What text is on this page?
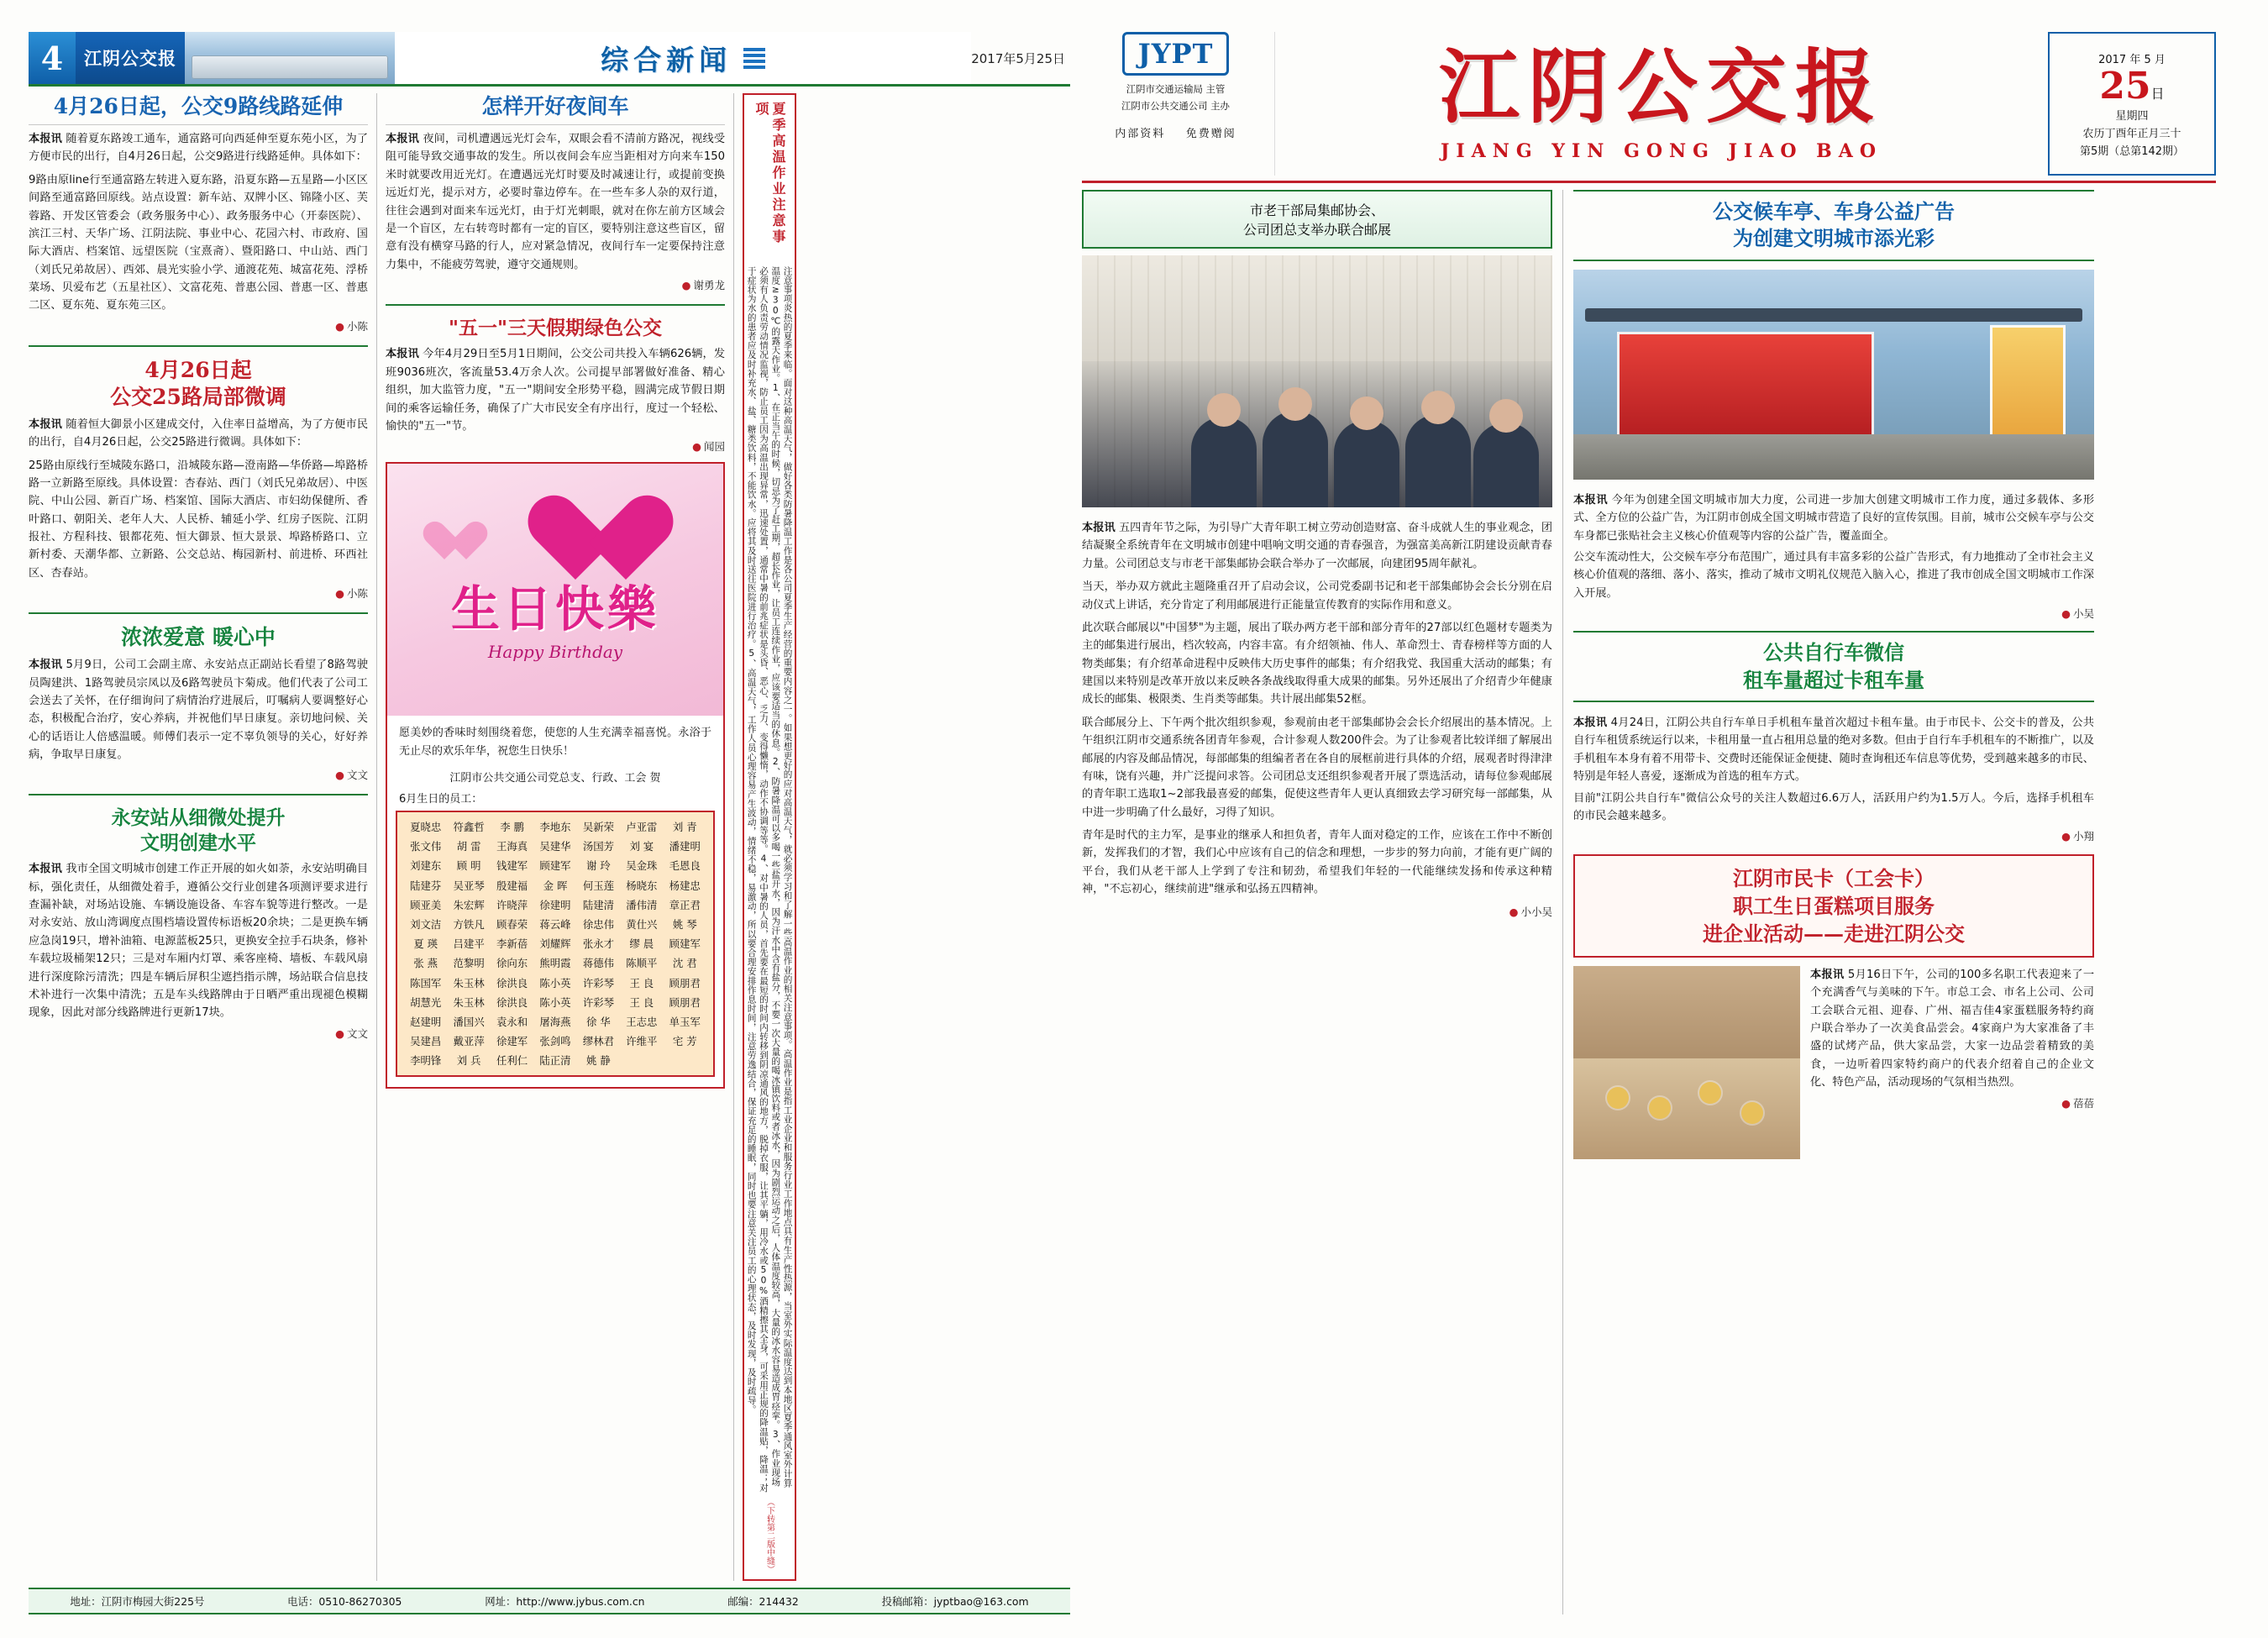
4	江阴公交报	综合新闻	2017年5月25日
4月26日起，公交9路线路延伸
本报讯 随着夏东路竣工通车，通富路可向西延伸至夏东苑小区，为了方便市民的出行，自4月26日起，公交9路进行线路延伸。具体如下：
9路由原line行至通富路左转进入夏东路，沿夏东路—五星路—小区区间路至通富路回原线。站点设置：新车站、双牌小区、锦隆小区、芙蓉路、开发区管委会（政务服务中心）、政务服务中心（开泰医院）、滨江三村、天华广场、江阴法院、事业中心、花园六村、市政府、国际大酒店、档案馆、远望医院（宝熹斋）、暨阳路口、中山站、西门（刘氏兄弟故居）、西郊、晨光实验小学、通渡花苑、城富花苑、浮桥菜场、贝爱布艺（五星社区）、文富花苑、普惠公园、普惠一区、普惠二区、夏东苑、夏东苑三区。
● 小陈
4月26日起
公交25路局部微调
本报讯 随着恒大御景小区建成交付，入住率日益增高，为了方便市民的出行，自4月26日起，公交25路进行微调。具体如下：
25路由原线行至城陵东路口，沿城陵东路—澄南路—华侨路—埠路桥路一立新路至原线。具体设置：杏春站、西门（刘氏兄弟故居）、中医院、中山公园、新百广场、档案馆、国际大酒店、市妇幼保健所、香叶路口、朝阳关、老年人大、人民桥、辅延小学、红房子医院、江阴报社、方程科技、银都花苑、恒大御景、恒大景景、埠路桥路口、立新村委、天潮华都、立新路、公交总站、梅园新村、前进桥、环西社区、杏春站。
● 小陈
浓浓爱意 暖心中
本报讯 5月9日，公司工会副主席、永安站点正副站长看望了8路驾驶员陶建洪、1路驾驶员宗凤以及6路驾驶员卞菊成。他们代表了公司工会送去了关怀，在仔细询问了病情治疗进展后，叮嘱病人要调整好心态，积极配合治疗，安心养病，并祝他们早日康复。亲切地问候、关心的话语让人倍感温暖。师傅们表示一定不辜负领导的关心，好好养病，争取早日康复。
● 文文
永安站从细微处提升
文明创建水平
本报讯 我市全国文明城市创建工作正开展的如火如荼，永安站明确目标，强化责任，从细微处着手，遵循公交行业创建各项测评要求进行查漏补缺，对场站设施、车辆设施设备、车容车貌等进行整改。一是对永安站、放山湾调度点围档墙设置传标语板20余块；二是更换车辆应急岗19只，增补油箱、电源蓝板25只，更换安全拉手石块条，修补车载垃圾桶架12只；三是对车厢内灯罩、乘客座椅、墙板、车载风扇进行深度除污清洗；四是车辆后屏积尘遮挡指示牌，场站联合信息技术补进行一次集中清洗；五是车头线路牌由于日晒严重出现褪色模糊现象，因此对部分线路牌进行更新17块。
● 文文
怎样开好夜间车
本报讯 夜间，司机遭遇远光灯会车，双眼会看不清前方路况，视线受阻可能导致交通事故的发生。所以夜间会车应当距相对方向来车150米时就要改用近光灯。在遭遇远光灯时要及时减速让行，或提前变换远近灯光，提示对方，必要时靠边停车。在一些车多人杂的双行道，往往会遇到对面来车远光灯，由于灯光刺眼，就对在你左前方区域会是一个盲区，左右转弯时都有一定的盲区，要特别注意这些盲区，留意有没有横穿马路的行人，应对紧急情况，夜间行车一定要保持注意力集中，不能疲劳驾驶，遵守交通规则。
● 谢勇龙
"五一"三天假期绿色公交
本报讯 今年4月29日至5月1日期间，公交公司共投入车辆626辆，发班9036班次，客流量53.4万余人次。公司提早部署做好准备、精心组织，加大监管力度，"五一"期间安全形势平稳，圆满完成节假日期间的乘客运输任务，确保了广大市民安全有序出行，度过一个轻松、愉快的"五一"节。
● 闻园
生日快樂
Happy Birthday
愿美妙的香味时刻围绕着您，使您的人生充满幸福喜悦。永浴于无止尽的欢乐年华，祝您生日快乐！
江阴市公共交通公司党总支、行政、工会 贺
6月生日的员工：
夏晓忠	符鑫哲	李 鹏	李地东	吴新荣	卢亚雷	刘 青
张文伟	胡 雷	王海真	吴建华	汤国芳	刘 宴	潘建明
刘建东	顾 明	钱建军	顾建军	谢 玲	吴金珠	毛恩良
陆建芬	吴亚琴	殷建福	金 晖	何玉莲	杨晓东	杨建忠
顾亚美	朱宏辉	许晓萍	徐建明	陆建清	潘伟清	章正君
刘文洁	方铁凡	顾春荣	蒋云峰	徐忠伟	黄仕兴	姚 琴
夏 瑛	吕建平	李新蓓	刘耀辉	张永才	缪 晨	顾建军
张 燕	范黎明	徐向东	熊明霞	蒋德伟	陈顺平	沈 君
陈国军	朱玉林	徐洪良	陈小英	许彩琴	王 良	顾朋君
胡慧光	朱玉林	徐洪良	陈小英	许彩琴	王 良	顾朋君
赵建明	潘国兴	袁永和	屠海燕	徐 华	王志忠	单玉军
吴建昌	戴亚萍	徐建军	张剑鸣	缪林君	许维平	宅 芳
李明锋	刘 兵	任利仁	陆正清	姚 静		
夏季高温作业注意事项
注意事项炎热的夏季来临。面对这种高温天气，做好各类防暑降温工作是各公司夏季生产经营的重要内容之一。如果想更好的应对高温天气，就必须学习和了解一些高温作业的相关注意事项。高温作业是指工业企业和服务行业工作地点具有生产性热源，当室外实际温度达到本地区夏季通风室外计算温度≥30℃的露天作业。1、在正当午的时候，切忌为了赶工期，超长作业，让员工连续作业，应该要适当的休息。2、防暑降温可以多喝一些盐开水，因为汗水中含有盐分，不要一次大量的喝冰镇饮料或者冰水，因为剧烈运动之后，人体温度较高，大量的冰水容易造成胃痉挛。3、作业现场必须有人负责劳动情况监视，防止员工因为高温出现异常，迅速处置，通常中暑的前兆症状是头昏、恶心、乏力、变得懒惰，动作不协调等等。4、对中暑的人员，首先要在最短的时间内转移到阴凉通风的地方，脱掉衣服，让其平躺，用冷水或50%酒精擦其全身，可采用正规的降温贴，降温；对于症状为水的患者应及时补充水、盐、糖类饮料，不能饮水。应将其及时送往医院进行治疗。5、高温天气，工作人员心理容易产生波动，情绪不稳，易激动，所以要合理安排作息时间，注意劳逸结合，保证充足的睡眠，同时也要注意关注员工的心理状态，及时发现，及时疏导。
（下转第二版中缝）
地址：江阴市梅园大街225号	电话：0510-86270305	网址：http://www.jybus.com.cn	邮编：214432	投稿邮箱：jyptbao@163.com
JYPT
江阴市交通运输局 主管
江阴市公共交通公司 主办
内部资料 免费赠阅	江阴公交报
JIANG YIN GONG JIAO BAO
2017 年 5 月
25日
星期四
农历丁酉年正月三十
第5期（总第142期）
市老干部局集邮协会、
公司团总支举办联合邮展

本报讯 五四青年节之际，为引导广大青年职工树立劳动创造财富、奋斗成就人生的事业观念，团结凝聚全系统青年在文明城市创建中唱响文明交通的青春强音，为强富美高新江阴建设贡献青春力量。公司团总支与市老干部集邮协会联合举办了一次邮展，向建团95周年献礼。

当天，举办双方就此主题隆重召开了启动会议，公司党委副书记和老干部集邮协会会长分别在启动仪式上讲话，充分肯定了利用邮展进行正能量宣传教育的实际作用和意义。

此次联合邮展以"中国梦"为主题，展出了联办两方老干部和部分青年的27部以红色题材专题类为主的邮集进行展出，档次较高，内容丰富。有介绍领袖、伟人、革命烈士、青春榜样等方面的人物类邮集；有介绍革命进程中反映伟大历史事件的邮集；有介绍我党、我国重大活动的邮集；有建国以来特别是改革开放以来反映各条战线取得重大成果的邮集。另外还展出了介绍青少年健康成长的邮集、极限类、生肖类等邮集。共计展出邮集52框。

联合邮展分上、下午两个批次组织参观，参观前由老干部集邮协会会长介绍展出的基本情况。上午组织江阴市交通系统各团青年参观，合计参观人数200件会。为了让参观者比较详细了解展出邮展的内容及邮品情况，每部邮集的组编者者在各自的展框前进行具体的介绍，展观者时得津津有味，饶有兴趣，并广泛提问求答。公司团总支还组织参观者开展了票选活动，请每位参观邮展的青年职工选取1~2部我最喜爱的邮集，促使这些青年人更认真细致去学习研究每一部邮集，从中进一步明确了什么最好，习得了知识。

青年是时代的主力军，是事业的继承人和担负者，青年人面对稳定的工作，应该在工作中不断创新，发挥我们的才智，我们心中应该有自己的信念和理想，一步步的努力向前，才能有更广阔的平台，我们从老干部人上学到了专注和韧劲，希望我们年轻的一代能继续发扬和传承这种精神，"不忘初心，继续前进"继承和弘扬五四精神。

● 小小吴
公交候车亭、车身公益广告
为创建文明城市添光彩

本报讯 今年为创建全国文明城市加大力度，公司进一步加大创建文明城市工作力度，通过多载体、多形式、全方位的公益广告，为江阴市创成全国文明城市营造了良好的宣传氛围。目前，城市公交候车亭与公交车身都已张贴社会主义核心价值观等内容的公益广告，覆盖面全。

公交车流动性大，公交候车亭分布范围广，通过具有丰富多彩的公益广告形式，有力地推动了全市社会主义核心价值观的落细、落小、落实，推动了城市文明礼仪规范入脑入心，推进了我市创成全国文明城市工作深入开展。

● 小吴
公共自行车微信
租车量超过卡租车量

本报讯 4月24日，江阴公共自行车单日手机租车量首次超过卡租车量。由于市民卡、公交卡的普及，公共自行车租赁系统运行以来，卡租用量一直占租用总量的绝对多数。但由于自行车手机租车的不断推广，以及手机租车本身有着不用带卡、交费时还能保证金便捷、随时查询租还车信息等优势，受到越来越多的市民、特别是年轻人喜爱，逐渐成为首选的租车方式。

目前"江阴公共自行车"微信公众号的关注人数超过6.6万人，活跃用户约为1.5万人。今后，选择手机租车的市民会越来越多。

● 小翔
江阴市民卡（工会卡）
职工生日蛋糕项目服务
进企业活动——走进江阴公交

本报讯 5月16日下午，公司的100多名职工代表迎来了一个充满香气与美味的下午。市总工会、市名上公司、公司工会联合元祖、迎春、广州、福吉佳4家蛋糕服务特约商户联合举办了一次美食品尝会。4家商户为大家准备了丰盛的试烤产品，供大家品尝，大家一边品尝着精致的美食，一边听着四家特约商户的代表介绍着自己的企业文化、特色产品，活动现场的气氛相当热烈。

● 蓓蓓
